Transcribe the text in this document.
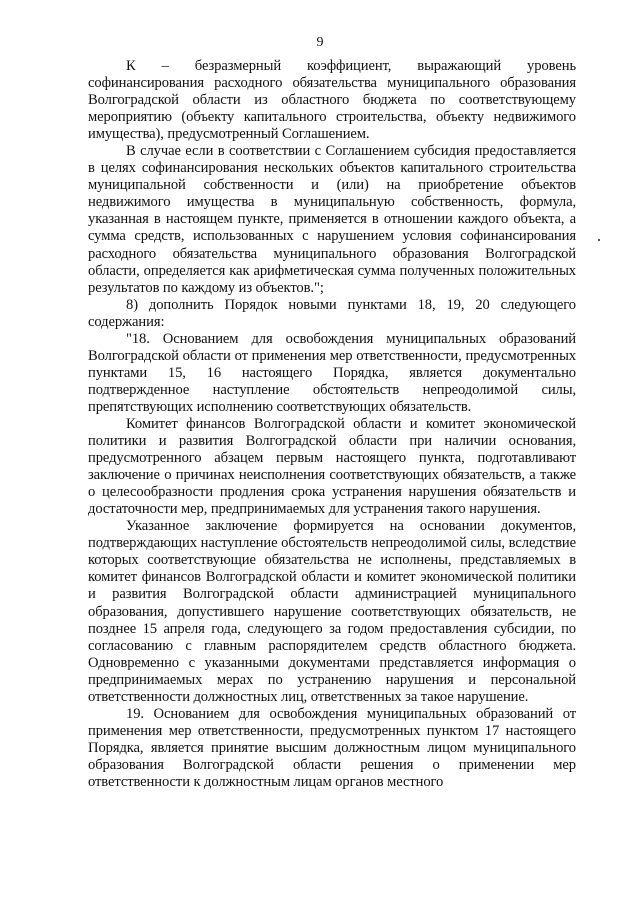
9

К – безразмерный коэффициент, выражающий уровень софинансирования расходного обязательства муниципального образования Волгоградской области из областного бюджета по соответствующему мероприятию (объекту капитального строительства, объекту недвижимого имущества), предусмотренный Соглашением.

В случае если в соответствии с Соглашением субсидия предоставляется в целях софинансирования нескольких объектов капитального строительства муниципальной собственности и (или) на приобретение объектов недвижимого имущества в муниципальную собственность, формула, указанная в настоящем пункте, применяется в отношении каждого объекта, а сумма средств, использованных с нарушением условия софинансирования расходного обязательства муниципального образования Волгоградской области, определяется как арифметическая сумма полученных положительных результатов по каждому из объектов.";

8) дополнить Порядок новыми пунктами 18, 19, 20 следующего содержания:

"18. Основанием для освобождения муниципальных образований Волгоградской области от применения мер ответственности, предусмотренных пунктами 15, 16 настоящего Порядка, является документально подтвержденное наступление обстоятельств непреодолимой силы, препятствующих исполнению соответствующих обязательств.

Комитет финансов Волгоградской области и комитет экономической политики и развития Волгоградской области при наличии основания, предусмотренного абзацем первым настоящего пункта, подготавливают заключение о причинах неисполнения соответствующих обязательств, а также о целесообразности продления срока устранения нарушения обязательств и достаточности мер, предпринимаемых для устранения такого нарушения.

Указанное заключение формируется на основании документов, подтверждающих наступление обстоятельств непреодолимой силы, вследствие которых соответствующие обязательства не исполнены, представляемых в комитет финансов Волгоградской области и комитет экономической политики и развития Волгоградской области администрацией муниципального образования, допустившего нарушение соответствующих обязательств, не позднее 15 апреля года, следующего за годом предоставления субсидии, по согласованию с главным распорядителем средств областного бюджета. Одновременно с указанными документами представляется информация о предпринимаемых мерах по устранению нарушения и персональной ответственности должностных лиц, ответственных за такое нарушение.

19. Основанием для освобождения муниципальных образований от применения мер ответственности, предусмотренных пунктом 17 настоящего Порядка, является принятие высшим должностным лицом муниципального образования Волгоградской области решения о применении мер ответственности к должностным лицам органов местного
